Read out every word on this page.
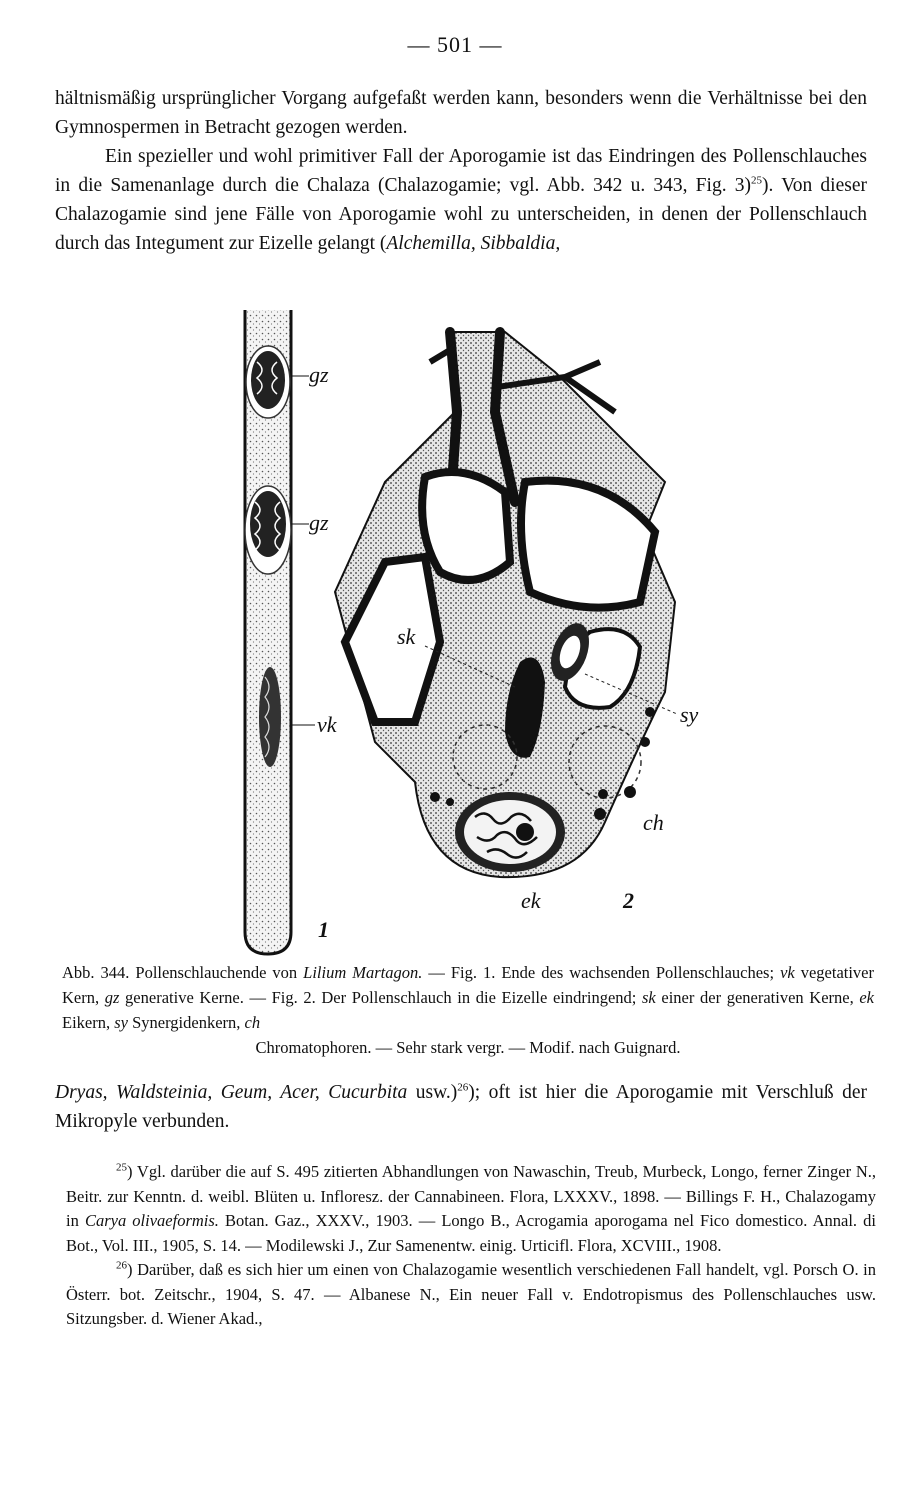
— 501 —

hältnismäßig ursprünglicher Vorgang aufgefaßt werden kann, besonders wenn die Verhältnisse bei den Gymnospermen in Betracht gezogen werden.

Ein spezieller und wohl primitiver Fall der Aporogamie ist das Eindringen des Pollenschlauches in die Samenanlage durch die Chalaza (Chalazogamie; vgl. Abb. 342 u. 343, Fig. 3)$^{25}$). Von dieser Chalazogamie sind jene Fälle von Aporogamie wohl zu unterscheiden, in denen der Pollenschlauch durch das Integument zur Eizelle gelangt (Alchemilla, Sibbaldia,

gz
gz
vk
1
sk
sy
ch
ek	2
Abb. 344. Pollenschlauchende von Lilium Martagon. — Fig. 1. Ende des wachsenden Pollenschlauches; vk vegetativer Kern, gz generative Kerne. — Fig. 2. Der Pollenschlauch in die Eizelle eindringend; sk einer der generativen Kerne, ek Eikern, sy Synergidenkern, ch
Chromatophoren. — Sehr stark vergr. — Modif. nach Guignard.

Dryas, Waldsteinia, Geum, Acer, Cucurbita usw.)$^{26}$); oft ist hier die Aporogamie mit Verschluß der Mikropyle verbunden.

$^{25}$) Vgl. darüber die auf S. 495 zitierten Abhandlungen von Nawaschin, Treub, Murbeck, Longo, ferner Zinger N., Beitr. zur Kenntn. d. weibl. Blüten u. Infloresz. der Cannabineen. Flora, LXXXV., 1898. — Billings F. H., Chalazogamy in Carya olivaeformis. Botan. Gaz., XXXV., 1903. — Longo B., Acrogamia aporogama nel Fico domestico. Annal. di Bot., Vol. III., 1905, S. 14. — Modilewski J., Zur Samenentw. einig. Urticifl. Flora, XCVIII., 1908.

$^{26}$) Darüber, daß es sich hier um einen von Chalazogamie wesentlich verschiedenen Fall handelt, vgl. Porsch O. in Österr. bot. Zeitschr., 1904, S. 47. — Albanese N., Ein neuer Fall v. Endotropismus des Pollenschlauches usw. Sitzungsber. d. Wiener Akad.,
